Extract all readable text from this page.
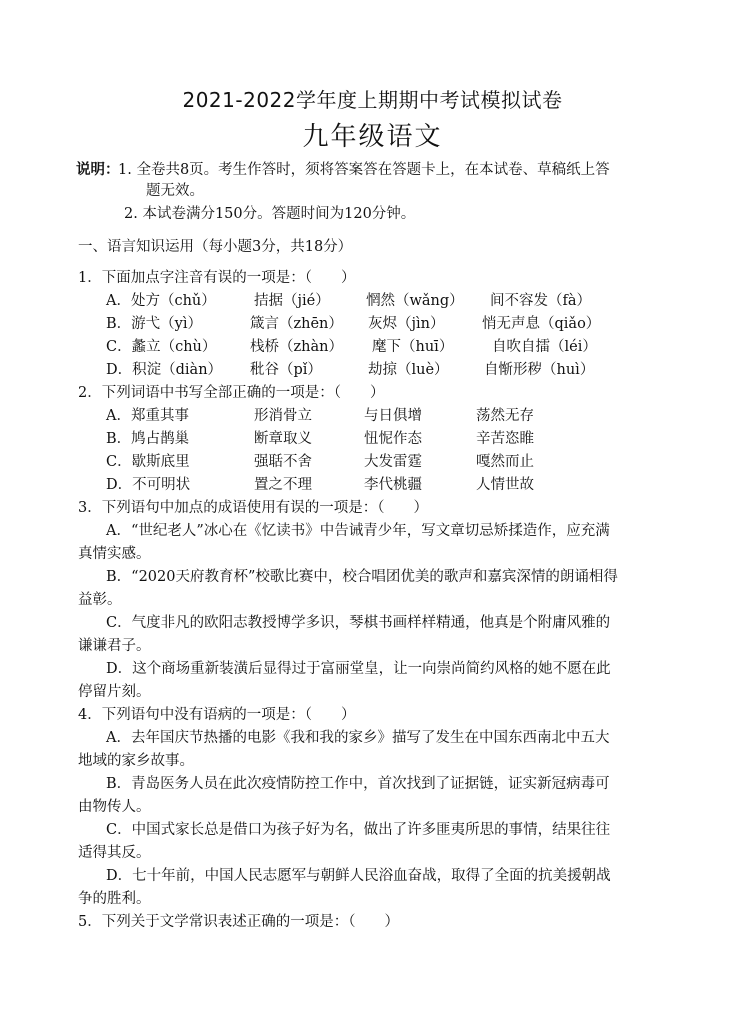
2021-2022学年度上期期中考试模拟试卷
九年级语文
说明：
1. 全卷共8页。考生作答时，须将答案答在答题卡上，在本试卷、草稿纸上答
题无效。
2. 本试卷满分150分。答题时间为120分钟。
一、语言知识运用（每小题3分，共18分）
1．下面加点字注音有误的一项是：（　　）
A．处方（chǔ）	拮据（jié）	惘然（wǎng） 间不容发（fà）
B．游弋（yì）	箴言（zhēn） 灰烬（jìn）	悄无声息（qiǎo）
C．蠡立（chù） 栈桥（zhàn） 麾下（huī）	自吹自擂（léi）
D．积淀（diàn） 秕谷（pǐ）	劫掠（luè） 自惭形秽（huì）
2．下列词语中书写全部正确的一项是：（　　）
A．郑重其事	形消骨立	与日俱增	荡然无存
B．鸠占鹊巢	断章取义	忸怩作态	辛苦恣睢
C．歇斯底里	强聒不舍	大发雷霆	嘎然而止
D．不可明状	置之不理	李代桃疆	人情世故
3．下列语句中加点的成语使用有误的一项是：（　　）
A．“世纪老人”冰心在《忆读书》中告诫青少年，写文章切忌矫揉造作，应充满
真情实感。
B．“2020天府教育杯”校歌比赛中，校合唱团优美的歌声和嘉宾深情的朗诵相得
益彰。
C．气度非凡的欧阳志教授博学多识，琴棋书画样样精通，他真是个附庸风雅的
谦谦君子。
D．这个商场重新装潢后显得过于富丽堂皇，让一向崇尚简约风格的她不愿在此
停留片刻。
4．下列语句中没有语病的一项是：（　　）
A．去年国庆节热播的电影《我和我的家乡》描写了发生在中国东西南北中五大
地域的家乡故事。
B．青岛医务人员在此次疫情防控工作中，首次找到了证据链，证实新冠病毒可
由物传人。
C．中国式家长总是借口为孩子好为名，做出了许多匪夷所思的事情，结果往往
适得其反。
D．七十年前，中国人民志愿军与朝鲜人民浴血奋战，取得了全面的抗美援朝战
争的胜利。
5．下列关于文学常识表述正确的一项是：（　　）
